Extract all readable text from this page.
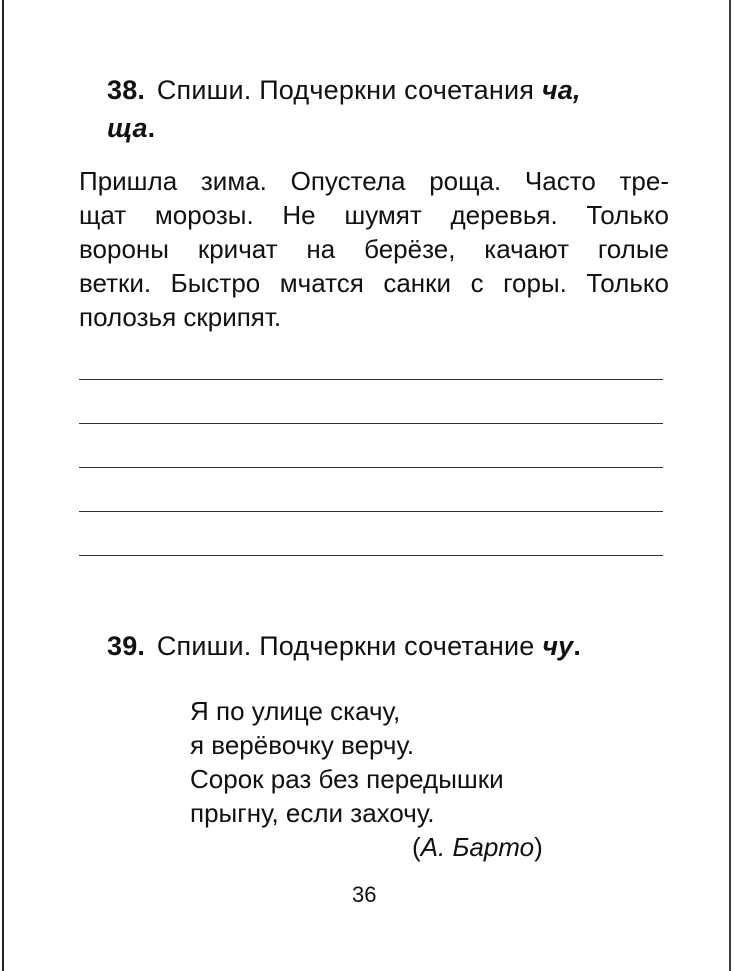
38. Спиши. Подчеркни сочетания ча,
ща.
Пришла зима. Опустела роща. Часто тре-
щат морозы. Не шумят деревья. Только
вороны кричат на берёзе, качают голые
ветки. Быстро мчатся санки с горы. Только
полозья скрипят.
39. Спиши. Подчеркни сочетание чу.
Я по улице скачу,
я верёвочку верчу.
Сорок раз без передышки
прыгну, если захочу.
(А. Барто)
36
